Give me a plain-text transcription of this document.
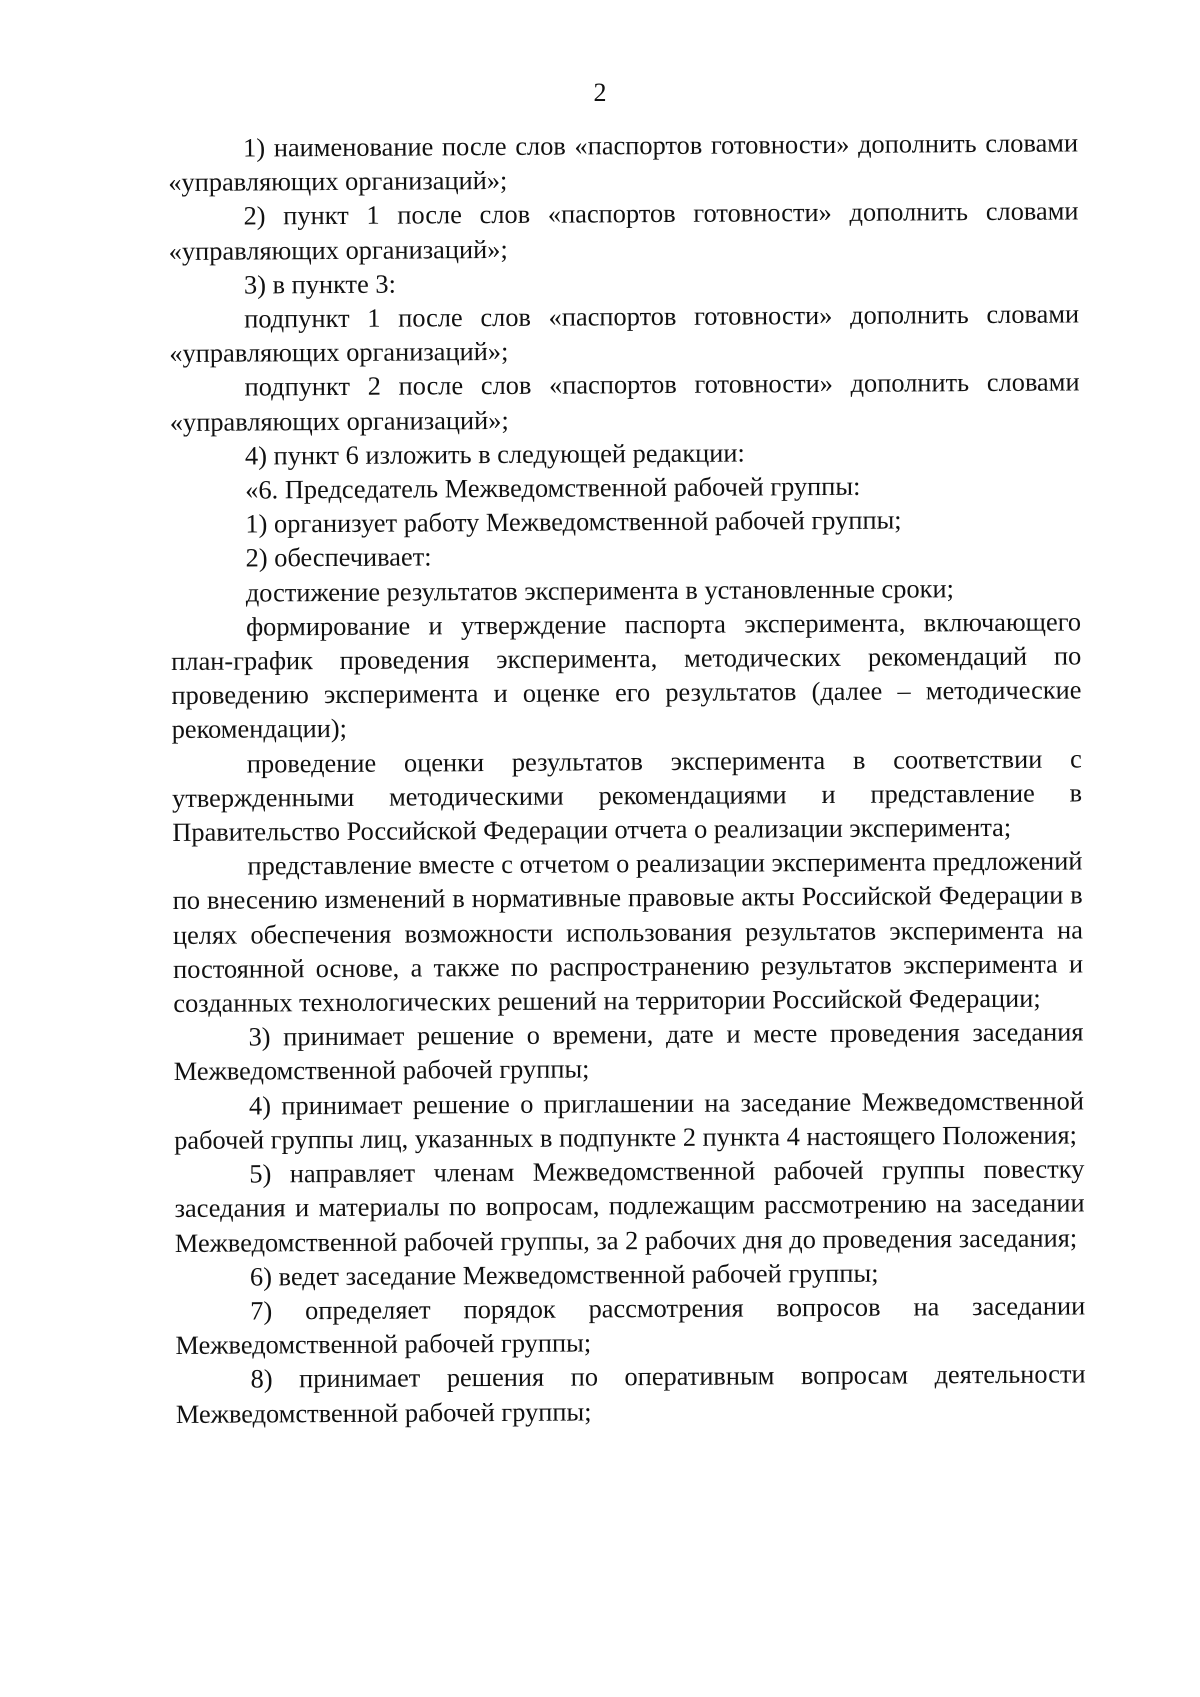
2

1) наименование после слов «паспортов готовности» дополнить словами «управляющих организаций»;

2) пункт 1 после слов «паспортов готовности» дополнить словами «управляющих организаций»;

3) в пункте 3:

подпункт 1 после слов «паспортов готовности» дополнить словами «управляющих организаций»;

подпункт 2 после слов «паспортов готовности» дополнить словами «управляющих организаций»;

4) пункт 6 изложить в следующей редакции:

«6. Председатель Межведомственной рабочей группы:

1) организует работу Межведомственной рабочей группы;

2) обеспечивает:

достижение результатов эксперимента в установленные сроки;

формирование и утверждение паспорта эксперимента, включающего план-график проведения эксперимента, методических рекомендаций по проведению эксперимента и оценке его результатов (далее – методические рекомендации);

проведение оценки результатов эксперимента в соответствии с утвержденными методическими рекомендациями и представление в Правительство Российской Федерации отчета о реализации эксперимента;

представление вместе с отчетом о реализации эксперимента предложений по внесению изменений в нормативные правовые акты Российской Федерации в целях обеспечения возможности использования результатов эксперимента на постоянной основе, а также по распространению результатов эксперимента и созданных технологических решений на территории Российской Федерации;

3) принимает решение о времени, дате и месте проведения заседания Межведомственной рабочей группы;

4) принимает решение о приглашении на заседание Межведомственной рабочей группы лиц, указанных в подпункте 2 пункта 4 настоящего Положения;

5) направляет членам Межведомственной рабочей группы повестку заседания и материалы по вопросам, подлежащим рассмотрению на заседании Межведомственной рабочей группы, за 2 рабочих дня до проведения заседания;

6) ведет заседание Межведомственной рабочей группы;

7) определяет порядок рассмотрения вопросов на заседании Межведомственной рабочей группы;

8) принимает решения по оперативным вопросам деятельности Межведомственной рабочей группы;
